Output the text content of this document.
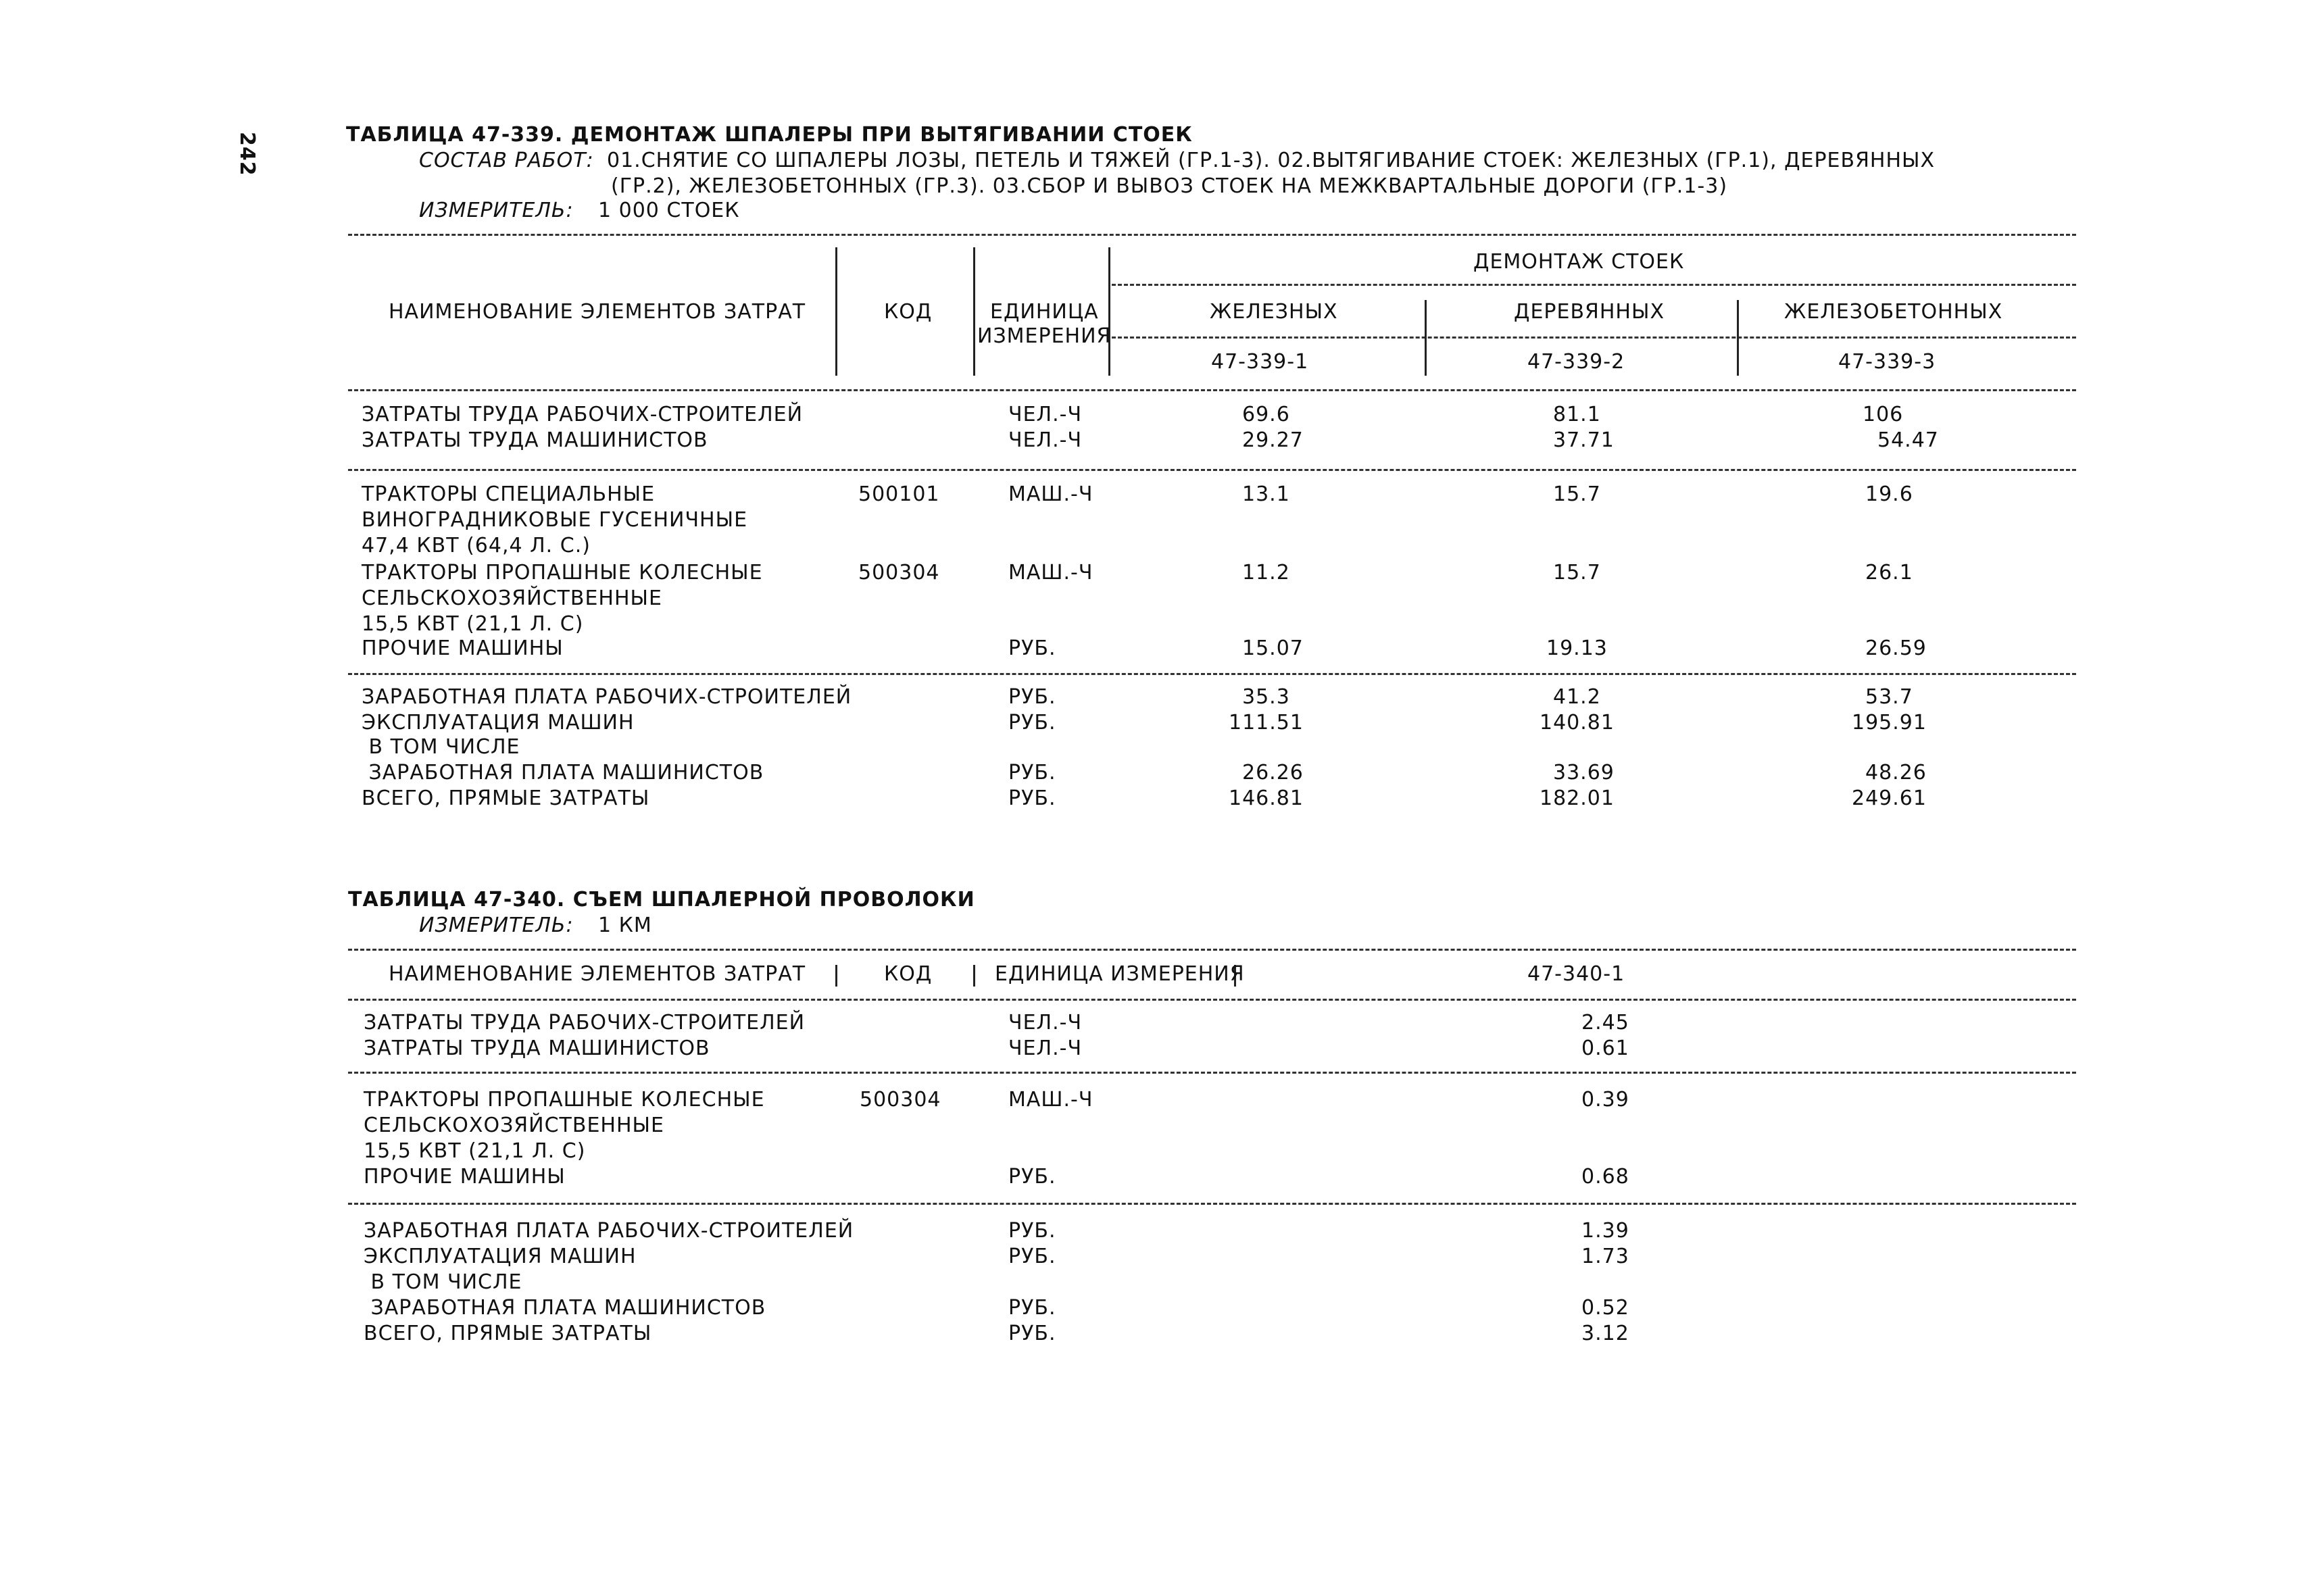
242	ТАБЛИЦА 47-339. ДЕМОНТАЖ ШПАЛЕРЫ ПРИ ВЫТЯГИВАНИИ СТОЕК
СОСТАВ РАБОТ: 01.СНЯТИЕ СО ШПАЛЕРЫ ЛОЗЫ, ПЕТЕЛЬ И ТЯЖЕЙ (ГР.1-3). 02.ВЫТЯГИВАНИЕ СТОЕК: ЖЕЛЕЗНЫХ (ГР.1), ДЕРЕВЯННЫХ
(ГР.2), ЖЕЛЕЗОБЕТОННЫХ (ГР.3). 03.СБОР И ВЫВОЗ СТОЕК НА МЕЖКВАРТАЛЬНЫЕ ДОРОГИ (ГР.1-3)
ИЗМЕРИТЕЛЬ: 1 000 СТОЕК
НАИМЕНОВАНИЕ ЭЛЕМЕНТОВ ЗАТРАТ	КОД	ЕДИНИЦА
ИЗМЕРЕНИЯ
ДЕМОНТАЖ СТОЕК
ЖЕЛЕЗНЫХ	ДЕРЕВЯННЫХ	ЖЕЛЕЗОБЕТОННЫХ
47-339-1	47-339-2	47-339-3
ЗАТРАТЫ ТРУДА РАБОЧИХ-СТРОИТЕЛЕЙ	ЧЕЛ.-Ч	69.6	81.1	106
ЗАТРАТЫ ТРУДА МАШИНИСТОВ	ЧЕЛ.-Ч	29.27	37.71	54.47
ТРАКТОРЫ СПЕЦИАЛЬНЫЕ	500101	МАШ.-Ч	13.1	15.7	19.6
ВИНОГРАДНИКОВЫЕ ГУСЕНИЧНЫЕ
47,4 КВТ (64,4 Л. С.)
ТРАКТОРЫ ПРОПАШНЫЕ КОЛЕСНЫЕ	500304	МАШ.-Ч	11.2	15.7	26.1
СЕЛЬСКОХОЗЯЙСТВЕННЫЕ
15,5 КВТ (21,1 Л. С)
ПРОЧИЕ МАШИНЫ	РУБ.	15.07	19.13	26.59
ЗАРАБОТНАЯ ПЛАТА РАБОЧИХ-СТРОИТЕЛЕЙ	РУБ.	35.3	41.2	53.7
ЭКСПЛУАТАЦИЯ МАШИН	РУБ.	111.51	140.81	195.91
В ТОМ ЧИСЛЕ
ЗАРАБОТНАЯ ПЛАТА МАШИНИСТОВ	РУБ.	26.26	33.69	48.26
ВСЕГО, ПРЯМЫЕ ЗАТРАТЫ	РУБ.	146.81	182.01	249.61
ТАБЛИЦА 47-340. СЪЕМ ШПАЛЕРНОЙ ПРОВОЛОКИ
ИЗМЕРИТЕЛЬ: 1 КМ
НАИМЕНОВАНИЕ ЭЛЕМЕНТОВ ЗАТРАТ	КОД	ЕДИНИЦА ИЗМЕРЕНИЯ	47-340-1
ЗАТРАТЫ ТРУДА РАБОЧИХ-СТРОИТЕЛЕЙ	ЧЕЛ.-Ч	2.45
ЗАТРАТЫ ТРУДА МАШИНИСТОВ	ЧЕЛ.-Ч	0.61
ТРАКТОРЫ ПРОПАШНЫЕ КОЛЕСНЫЕ	500304	МАШ.-Ч	0.39
СЕЛЬСКОХОЗЯЙСТВЕННЫЕ
15,5 КВТ (21,1 Л. С)
ПРОЧИЕ МАШИНЫ	РУБ.	0.68
ЗАРАБОТНАЯ ПЛАТА РАБОЧИХ-СТРОИТЕЛЕЙ	РУБ.	1.39
ЭКСПЛУАТАЦИЯ МАШИН	РУБ.	1.73
В ТОМ ЧИСЛЕ
ЗАРАБОТНАЯ ПЛАТА МАШИНИСТОВ	РУБ.	0.52
ВСЕГО, ПРЯМЫЕ ЗАТРАТЫ	РУБ.	3.12
